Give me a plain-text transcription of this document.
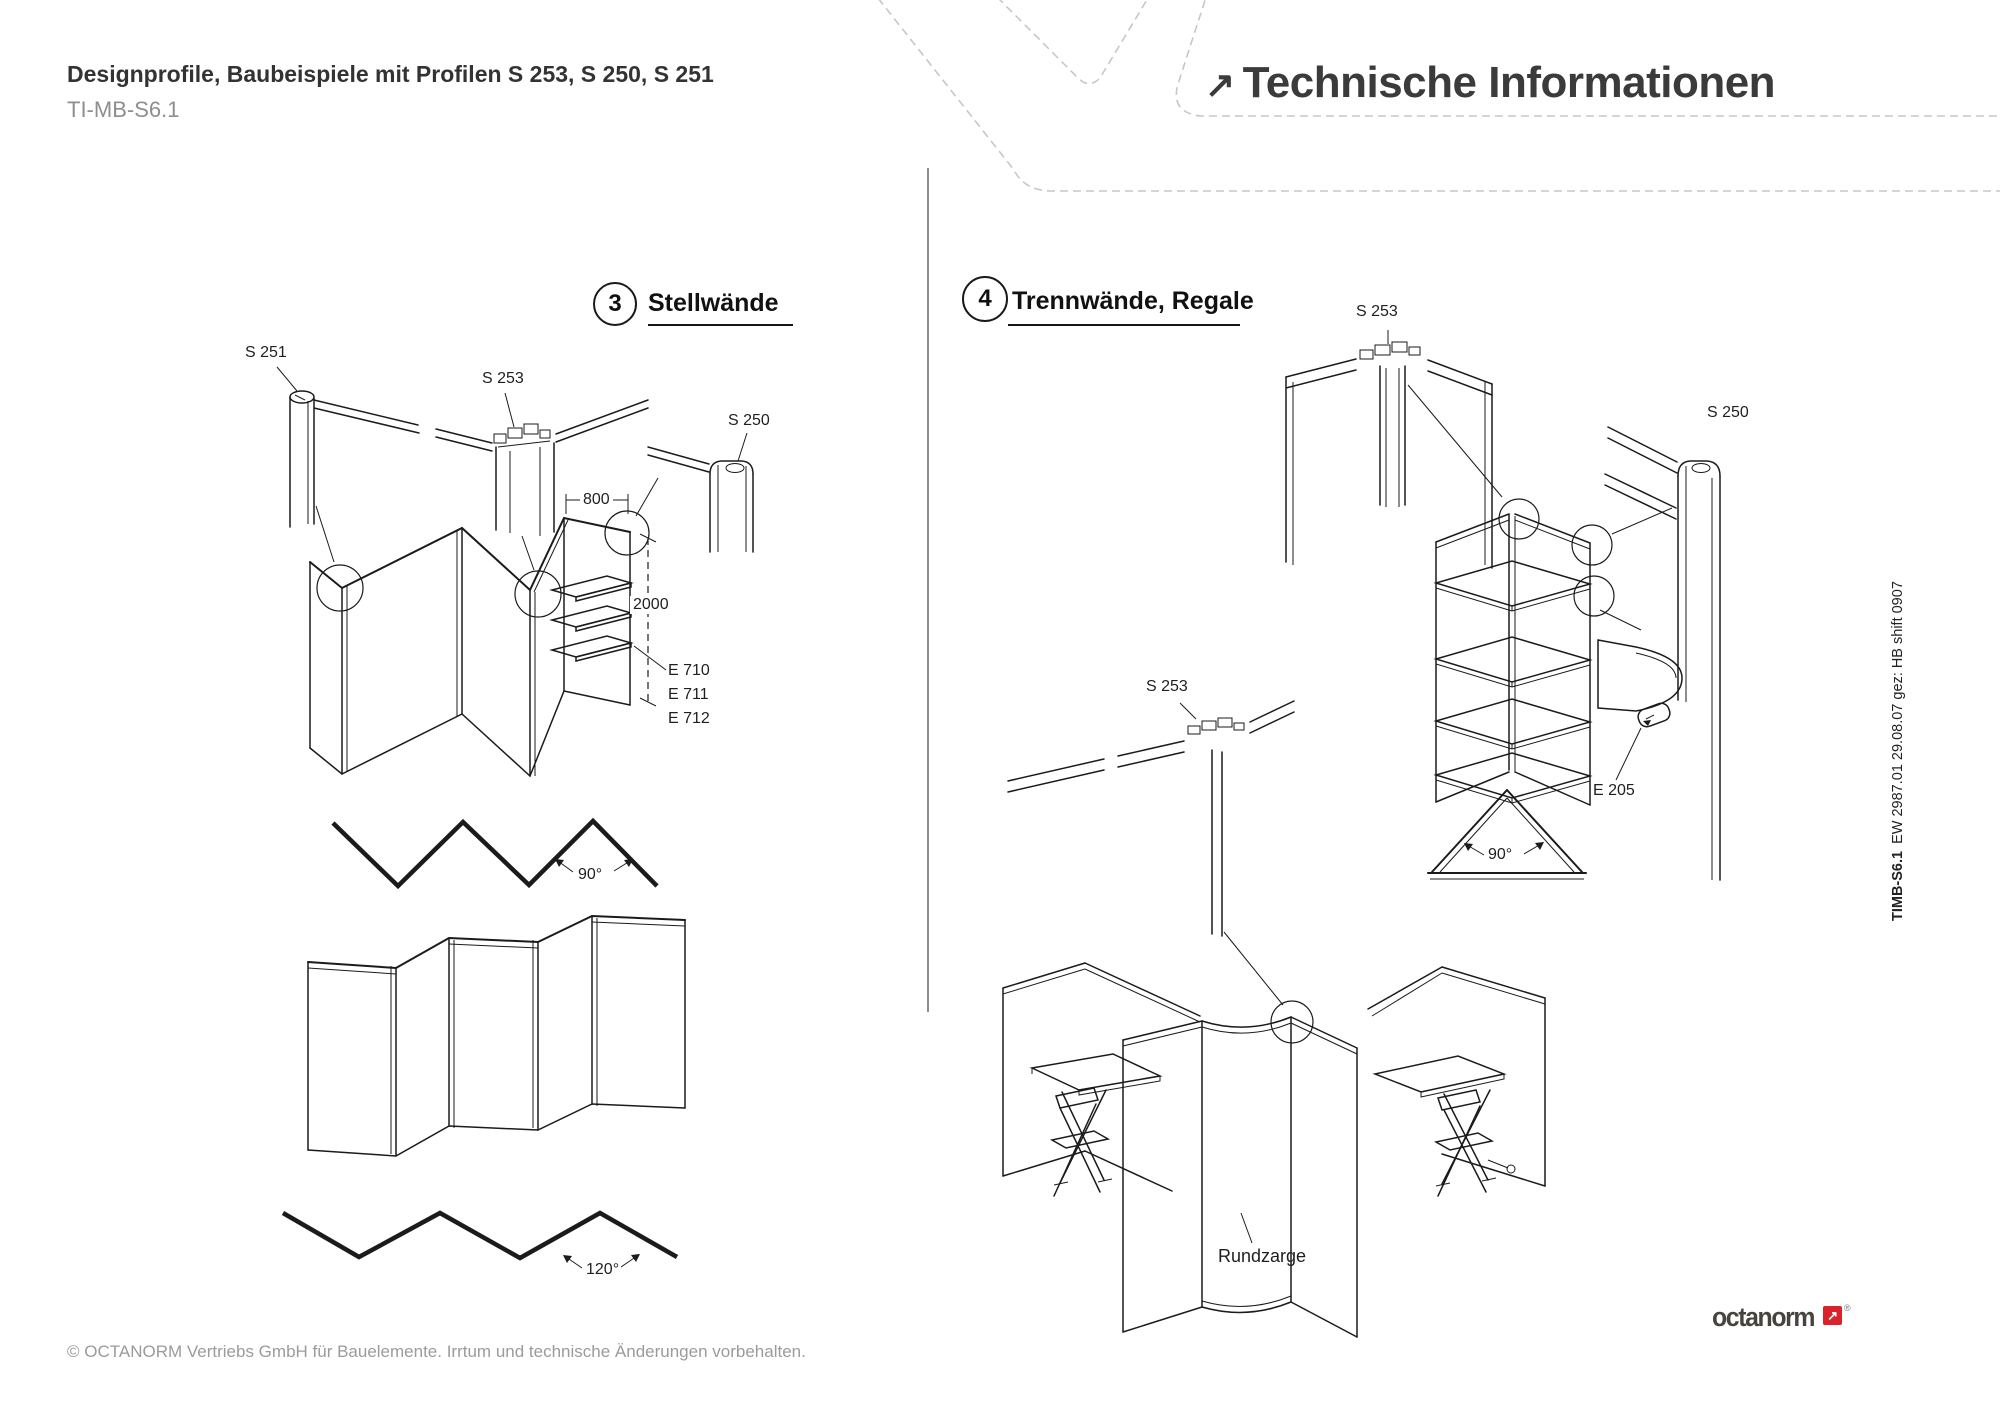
Designprofile, Baubeispiele mit Profilen S 253, S 250, S 251
TI-MB-S6.1
↗ Technische Informationen
3 Stellwände	4 Trennwände, Regale
S 251
S 253
S 250
800
2000
E 710
E 711
E 712
90°
120°
S 253
S 250
S 253
E 205
90°
Rundzarge
TIMB-S6.1EW 2987.01 29.08.07 gez: HB shift 0907
© OCTANORM Vertriebs GmbH für Bauelemente. Irrtum und technische Änderungen vorbehalten.
octanorm ↗ ®
